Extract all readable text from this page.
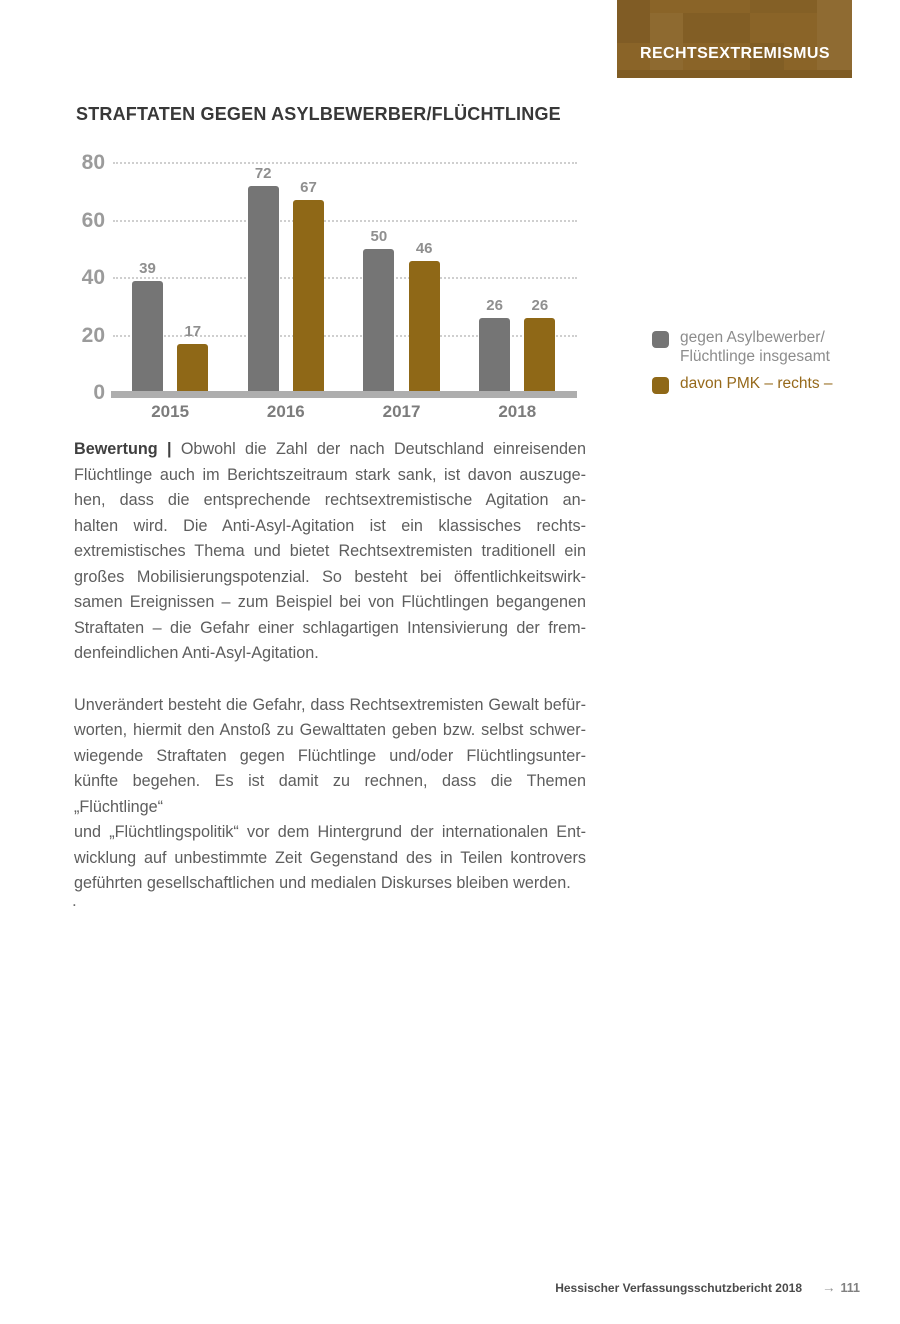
RECHTSEXTREMISMUS
STRAFTATEN GEGEN ASYLBEWERBER/FLÜCHTLINGE
0
20
40
60
80
39
72
50
26
17
67
46
26
2015	2016	2017	2018
gegen Asylbewerber/
Flüchtlinge insgesamt
davon PMK – rechts –
Bewertung | Obwohl die Zahl der nach Deutschland einreisenden
Flüchtlinge auch im Berichtszeitraum stark sank, ist davon auszuge-
hen, dass die entsprechende rechtsextremistische Agitation an-
halten wird. Die Anti-Asyl-Agitation ist ein klassisches rechts-
extremistisches Thema und bietet Rechtsextremisten traditionell ein
großes Mobilisierungspotenzial. So besteht bei öffentlichkeitswirk-
samen Ereignissen – zum Beispiel bei von Flüchtlingen begangenen
Straftaten – die Gefahr einer schlagartigen Intensivierung der frem-
denfeindlichen Anti-Asyl-Agitation.
Unverändert besteht die Gefahr, dass Rechtsextremisten Gewalt befür-
worten, hiermit den Anstoß zu Gewalttaten geben bzw. selbst schwer-
wiegende Straftaten gegen Flüchtlinge und/oder Flüchtlingsunter-
künfte begehen. Es ist damit zu rechnen, dass die Themen „Flüchtlinge“
und „Flüchtlingspolitik“ vor dem Hintergrund der internationalen Ent-
wicklung auf unbestimmte Zeit Gegenstand des in Teilen kontrovers
geführten gesellschaftlichen und medialen Diskurses bleiben werden.
.
Hessischer Verfassungsschutzbericht 2018 → 111
